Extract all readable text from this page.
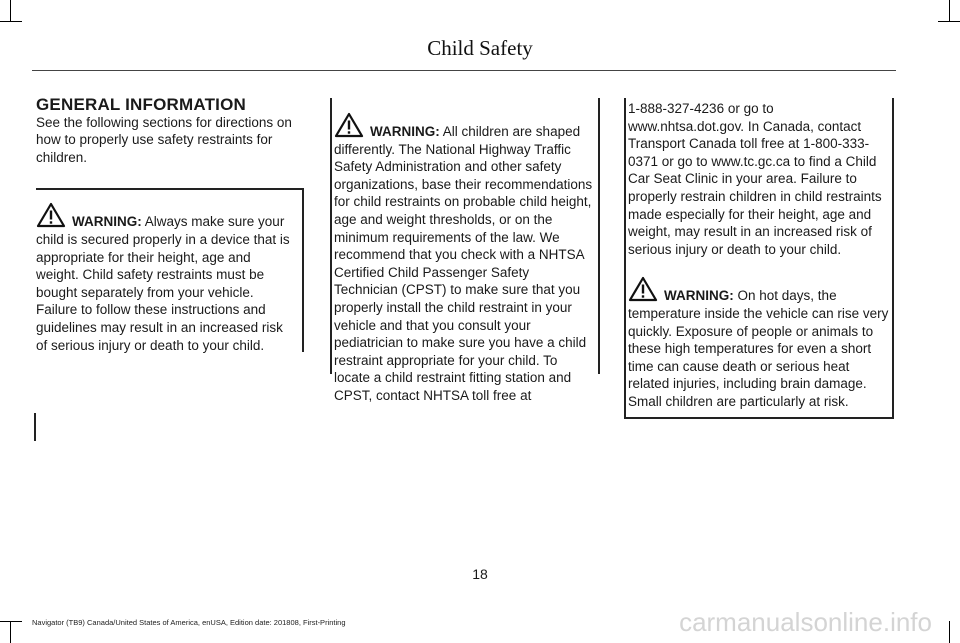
Child Safety

GENERAL INFORMATION

See the following sections for directions on how to properly use safety restraints for children.

WARNING: Always make sure your child is secured properly in a device that is appropriate for their height, age and weight. Child safety restraints must be bought separately from your vehicle. Failure to follow these instructions and guidelines may result in an increased risk of serious injury or death to your child.

WARNING: All children are shaped differently. The National Highway Traffic Safety Administration and other safety organizations, base their recommendations for child restraints on probable child height, age and weight thresholds, or on the minimum requirements of the law. We recommend that you check with a NHTSA Certified Child Passenger Safety Technician (CPST) to make sure that you properly install the child restraint in your vehicle and that you consult your pediatrician to make sure you have a child restraint appropriate for your child. To locate a child restraint fitting station and CPST, contact NHTSA toll free at

1-888-327-4236 or go to www.nhtsa.dot.gov. In Canada, contact Transport Canada toll free at 1-800-333-0371 or go to www.tc.gc.ca to find a Child Car Seat Clinic in your area. Failure to properly restrain children in child restraints made especially for their height, age and weight, may result in an increased risk of serious injury or death to your child.

WARNING: On hot days, the temperature inside the vehicle can rise very quickly. Exposure of people or animals to these high temperatures for even a short time can cause death or serious heat related injuries, including brain damage. Small children are particularly at risk.

18
Navigator (TB9) Canada/United States of America, enUSA, Edition date: 201808, First-Printing	carmanualsonline.info
